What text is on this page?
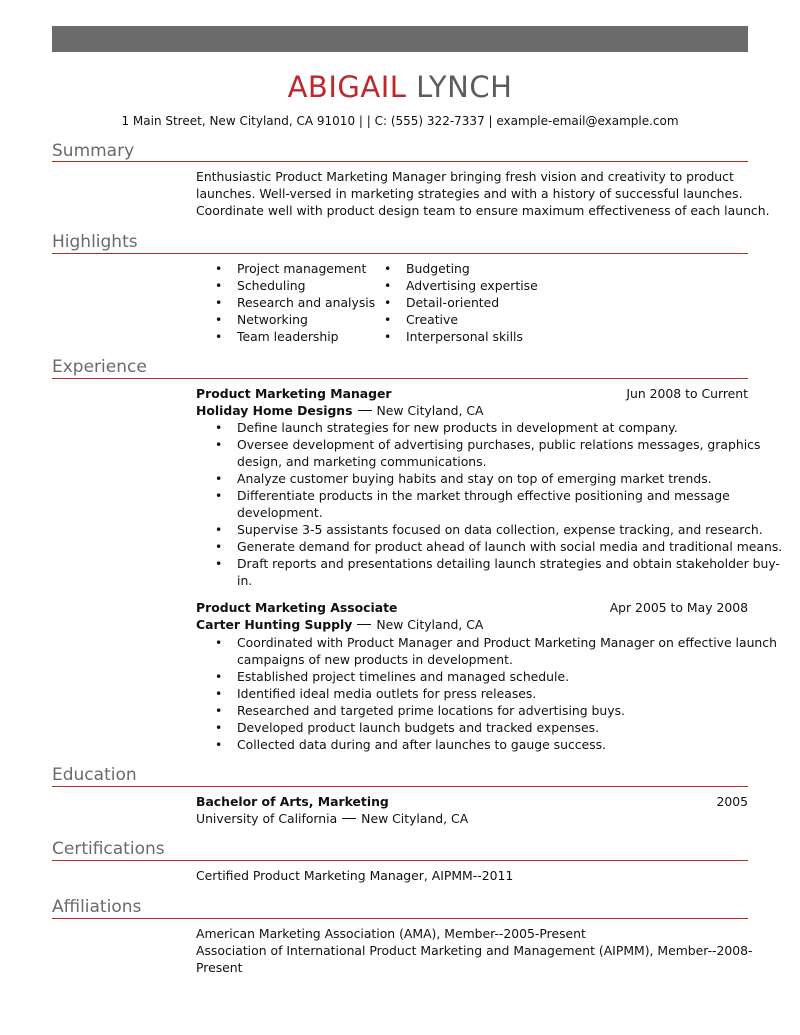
ABIGAIL LYNCH
1 Main Street, New Cityland, CA 91010 | | C: (555) 322-7337 | example-email@example.com
Summary
Enthusiastic Product Marketing Manager bringing fresh vision and creativity to product
launches. Well-versed in marketing strategies and with a history of successful launches.
Coordinate well with product design team to ensure maximum effectiveness of each launch.
Highlights
• Project management
• Scheduling
• Research and analysis
• Networking
• Team leadership
• Budgeting
• Advertising expertise
• Detail-oriented
• Creative
• Interpersonal skills
Experience
Product Marketing Manager	Jun 2008 to Current
Holiday Home Designs New Cityland, CA
• Define launch strategies for new products in development at company.
• Oversee development of advertising purchases, public relations messages, graphics
design, and marketing communications.
• Analyze customer buying habits and stay on top of emerging market trends.
• Differentiate products in the market through effective positioning and message
development.
• Supervise 3-5 assistants focused on data collection, expense tracking, and research.
• Generate demand for product ahead of launch with social media and traditional means.
• Draft reports and presentations detailing launch strategies and obtain stakeholder buy-
in.
Product Marketing Associate	Apr 2005 to May 2008
Carter Hunting Supply New Cityland, CA
• Coordinated with Product Manager and Product Marketing Manager on effective launch
campaigns of new products in development.
• Established project timelines and managed schedule.
• Identified ideal media outlets for press releases.
• Researched and targeted prime locations for advertising buys.
• Developed product launch budgets and tracked expenses.
• Collected data during and after launches to gauge success.
Education
Bachelor of Arts, Marketing	2005
University of California New Cityland, CA
Certifications
Certified Product Marketing Manager, AIPMM--2011
Affiliations
American Marketing Association (AMA), Member--2005-Present
Association of International Product Marketing and Management (AIPMM), Member--2008-
Present
